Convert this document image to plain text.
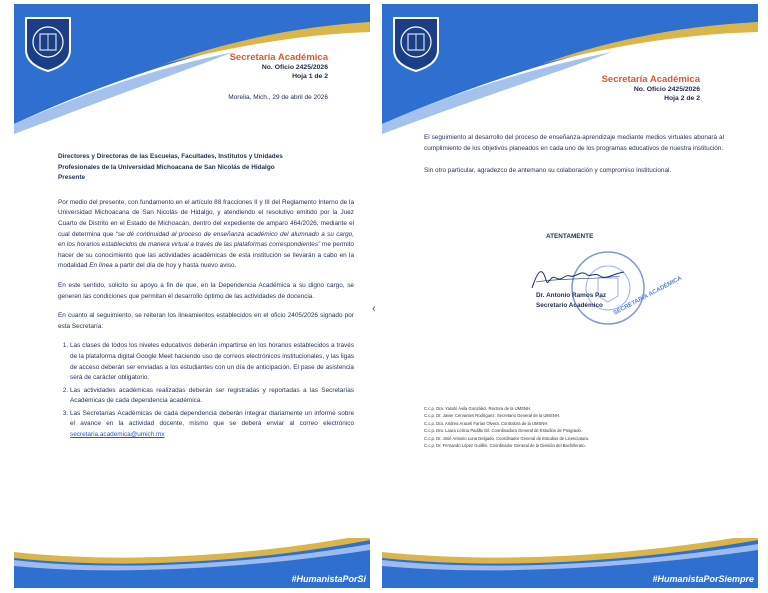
Secretaría Académica
No. Oficio 2425/2026
Hoja 1 de 2
Morelia, Mich., 29 de abril de 2026
Directores y Directoras de las Escuelas, Facultades, Institutos y Unidades
Profesionales de la Universidad Michoacana de San Nicolás de Hidalgo
Presente

Por medio del presente, con fundamento en el artículo 88 fracciones II y III del Reglamento Interno de la Universidad Michoacana de San Nicolás de Hidalgo, y atendiendo el resolutivo emitido por la Juez Cuarto de Distrito en el Estado de Michoacán, dentro del expediente de amparo 464/2026, mediante el cual determina que “se dé continuidad al proceso de enseñanza académico del alumnado a su cargo, en los horarios establecidos de manera virtual a través de las plataformas correspondientes” me permito hacer de su conocimiento que las actividades académicas de esta institución se llevarán a cabo en la modalidad En línea a partir del día de hoy y hasta nuevo aviso.

En este sentido, solicito su apoyo a fin de que, en la Dependencia Académica a su digno cargo, se generen las condiciones que permitan el desarrollo óptimo de las actividades de docencia.

En cuanto al seguimiento, se reiteran los lineamientos establecidos en el oficio 2405/2026 signado por esta Secretaría:

1. Las clases de todos los niveles educativos deberán impartirse en los horarios establecidos a través de la plataforma digital Google Meet haciendo uso de correos electrónicos institucionales, y las ligas de acceso deberán ser enviadas a los estudiantes con un día de anticipación. El pase de asistencia será de carácter obligatorio.
2. Las actividades académicas realizadas deberán ser registradas y reportadas a las Secretarías Académicas de cada dependencia académica.
3. Las Secretarías Académicas de cada dependencia deberán integrar diariamente un informe sobre el avance en la actividad docente, mismo que se deberá enviar al correo electrónico secretaria.academica@umich.mx
#HumanistaPorSi
‹
Secretaría Académica
No. Oficio 2425/2026
Hoja 2 de 2

El seguimiento al desarrollo del proceso de enseñanza-aprendizaje mediante medios virtuales abonará al cumplimiento de los objetivos planeados en cada uno de los programas educativos de nuestra institución.

Sin otro particular, agradezco de antemano su colaboración y compromiso institucional.

ATENTAMENTE
SECRETARÍA ACADÉMICA
Dr. Antonio Ramos Paz
Secretario Académico
C.c.p. Dra. Yarabí Ávila González. Rectora de la UMSNH.
C.c.p. Dr. Javier Cervantes Rodríguez. Secretario General de la UMSNH.
C.c.p. Dra. Andrea Araceli Farías Olvera. Contralora de la UMSNH.
C.c.p. Dra. Laura Leticia Padilla Gil. Coordinadora General de Estudios de Posgrado.
C.c.p. Dr. José Antonio Luna Delgado. Coordinador General de Estudios de Licenciatura.
C.c.p. Dr. Fernando López Guillén. Coordinador General de la División del Bachillerato.
#HumanistaPorSiempre
